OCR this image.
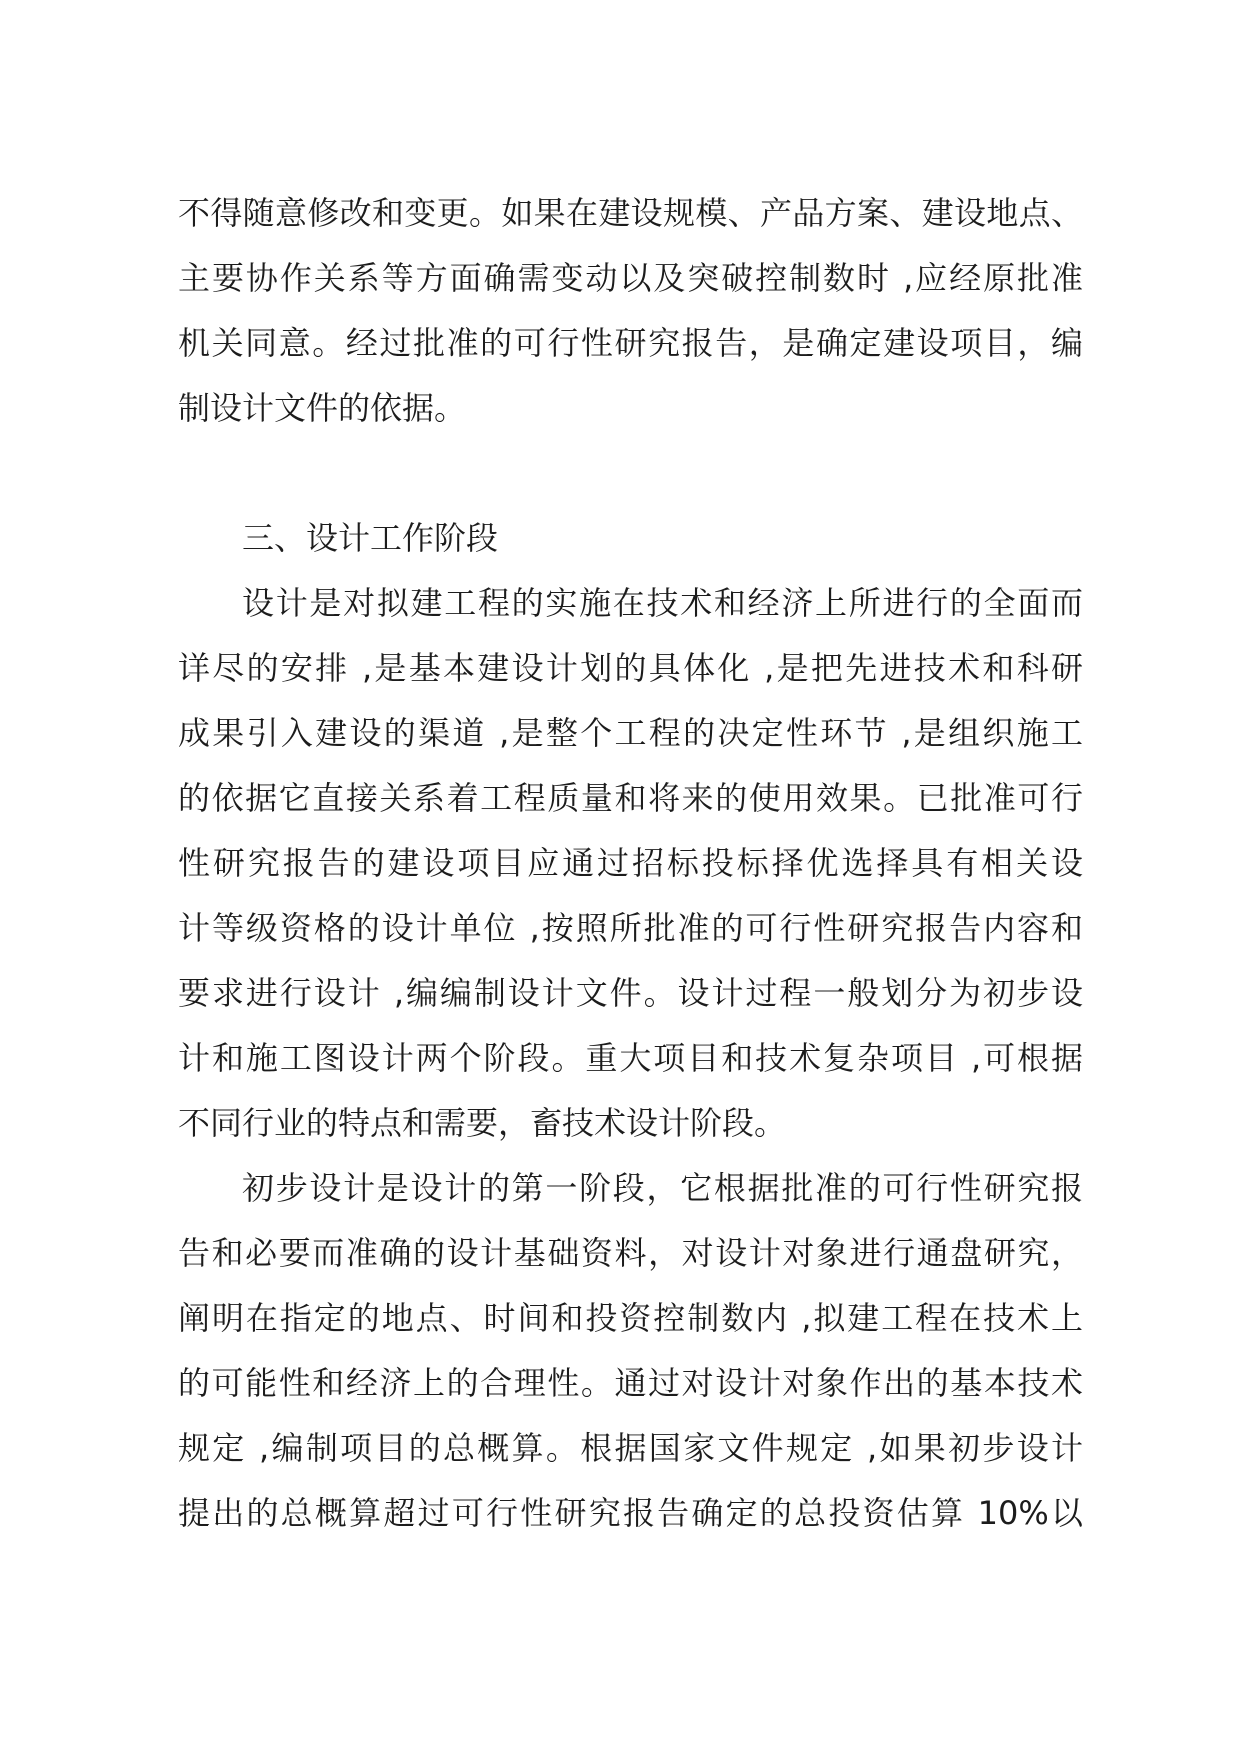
不得随意修改和变更。如果在建设规模、产品方案、建设地点、
主要协作关系等方面确需变动以及突破控制数时 ,应经原批准
机关同意。经过批准的可行性研究报告，是确定建设项目，编
制设计文件的依据。
三、设计工作阶段
设计是对拟建工程的实施在技术和经济上所进行的全面而
详尽的安排 ,是基本建设计划的具体化 ,是把先进技术和科研
成果引入建设的渠道 ,是整个工程的决定性环节 ,是组织施工
的依据它直接关系着工程质量和将来的使用效果。已批准可行
性研究报告的建设项目应通过招标投标择优选择具有相关设
计等级资格的设计单位 ,按照所批准的可行性研究报告内容和
要求进行设计 ,编编制设计文件。设计过程一般划分为初步设
计和施工图设计两个阶段。重大项目和技术复杂项目 ,可根据
不同行业的特点和需要，畜技术设计阶段。
初步设计是设计的第一阶段，它根据批准的可行性研究报
告和必要而准确的设计基础资料，对设计对象进行通盘研究，
阐明在指定的地点、时间和投资控制数内 ,拟建工程在技术上
的可能性和经济上的合理性。通过对设计对象作出的基本技术
规定 ,编制项目的总概算。根据国家文件规定 ,如果初步设计
提出的总概算超过可行性研究报告确定的总投资估算 10%以
